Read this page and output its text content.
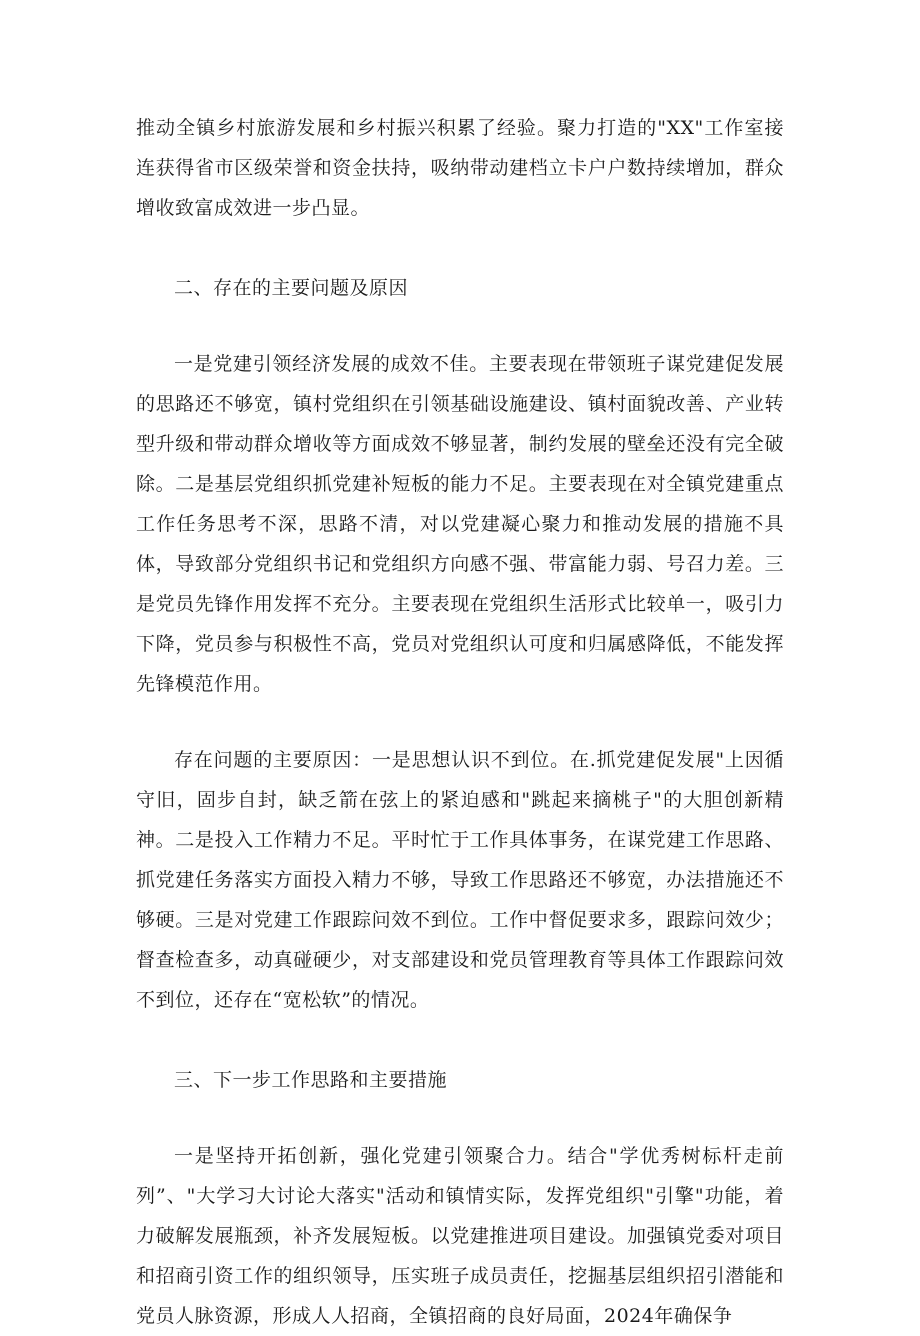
推动全镇乡村旅游发展和乡村振兴积累了经验。聚力打造的"XX"工作室接连获得省市区级荣誉和资金扶持，吸纳带动建档立卡户户数持续增加，群众增收致富成效进一步凸显。

二、存在的主要问题及原因

一是党建引领经济发展的成效不佳。主要表现在带领班子谋党建促发展的思路还不够宽，镇村党组织在引领基础设施建设、镇村面貌改善、产业转型升级和带动群众增收等方面成效不够显著，制约发展的壁垒还没有完全破除。二是基层党组织抓党建补短板的能力不足。主要表现在对全镇党建重点工作任务思考不深，思路不清，对以党建凝心聚力和推动发展的措施不具体，导致部分党组织书记和党组织方向感不强、带富能力弱、号召力差。三是党员先锋作用发挥不充分。主要表现在党组织生活形式比较单一，吸引力下降，党员参与积极性不高，党员对党组织认可度和归属感降低，不能发挥先锋模范作用。

存在问题的主要原因：一是思想认识不到位。在.抓党建促发展"上因循守旧，固步自封，缺乏箭在弦上的紧迫感和"跳起来摘桃子"的大胆创新精神。二是投入工作精力不足。平时忙于工作具体事务，在谋党建工作思路、抓党建任务落实方面投入精力不够，导致工作思路还不够宽，办法措施还不够硬。三是对党建工作跟踪问效不到位。工作中督促要求多，跟踪问效少；督查检查多，动真碰硬少，对支部建设和党员管理教育等具体工作跟踪问效不到位，还存在“宽松软”的情况。

三、下一步工作思路和主要措施

一是坚持开拓创新，强化党建引领聚合力。结合"学优秀树标杆走前列”、"大学习大讨论大落实"活动和镇情实际，发挥党组织"引擎"功能，着力破解发展瓶颈，补齐发展短板。以党建推进项目建设。加强镇党委对项目和招商引资工作的组织领导，压实班子成员责任，挖掘基层组织招引潜能和党员人脉资源，形成人人招商，全镇招商的良好局面，2024年确保争
